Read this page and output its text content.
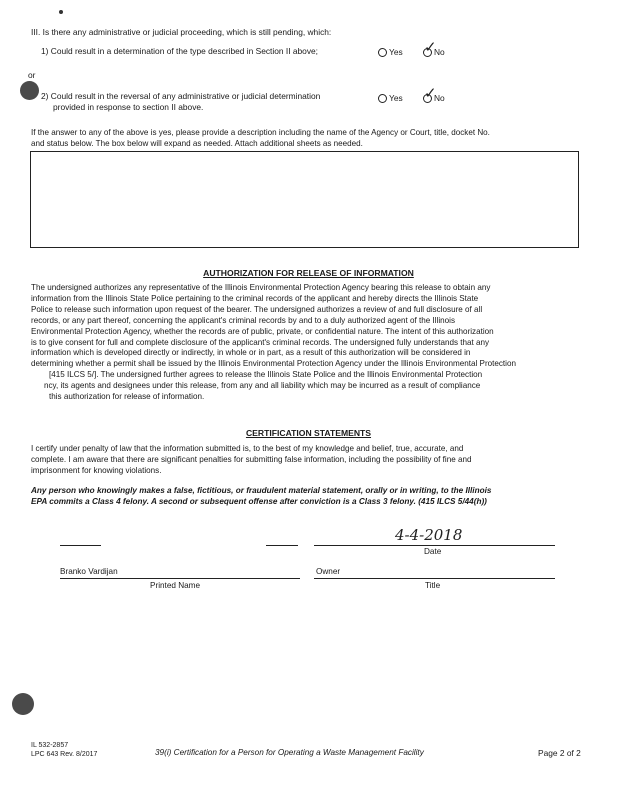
III. Is there any administrative or judicial proceeding, which is still pending, which:
1) Could result in a determination of the type described in Section II above;	Yes	No
✓
or
2) Could result in the reversal of any administrative or judicial determination
provided in response to section II above.
Yes	No
✓
If the answer to any of the above is yes, please provide a description including the name of the Agency or Court, title, docket No.
and status below. The box below will expand as needed. Attach additional sheets as needed.
AUTHORIZATION FOR RELEASE OF INFORMATION
The undersigned authorizes any representative of the Illinois Environmental Protection Agency bearing this release to obtain any
information from the Illinois State Police pertaining to the criminal records of the applicant and hereby directs the Illinois State
Police to release such information upon request of the bearer. The undersigned authorizes a review of and full disclosure of all
records, or any part thereof, concerning the applicant's criminal records by and to a duly authorized agent of the Illinois
Environmental Protection Agency, whether the records are of public, private, or confidential nature. The intent of this authorization
is to give consent for full and complete disclosure of the applicant's criminal records. The undersigned fully understands that any
information which is developed directly or indirectly, in whole or in part, as a result of this authorization will be considered in
determining whether a permit shall be issued by the Illinois Environmental Protection Agency under the Illinois Environmental Protection
[415 ILCS 5/]. The undersigned further agrees to release the Illinois State Police and the Illinois Environmental Protection
ncy, its agents and designees under this release, from any and all liability which may be incurred as a result of compliance
this authorization for release of information.
CERTIFICATION STATEMENTS
I certify under penalty of law that the information submitted is, to the best of my knowledge and belief, true, accurate, and
complete. I am aware that there are significant penalties for submitting false information, including the possibility of fine and
imprisonment for knowing violations.
Any person who knowingly makes a false, fictitious, or fraudulent material statement, orally or in writing, to the Illinois
EPA commits a Class 4 felony. A second or subsequent offense after conviction is a Class 3 felony. (415 ILCS 5/44(h))
4-4-2018
Date
Branko Vardijan
Printed Name
Owner
Title
IL 532-2857
LPC 643 Rev. 8/2017	39(i) Certification for a Person for Operating a Waste Management Facility	Page 2 of 2
